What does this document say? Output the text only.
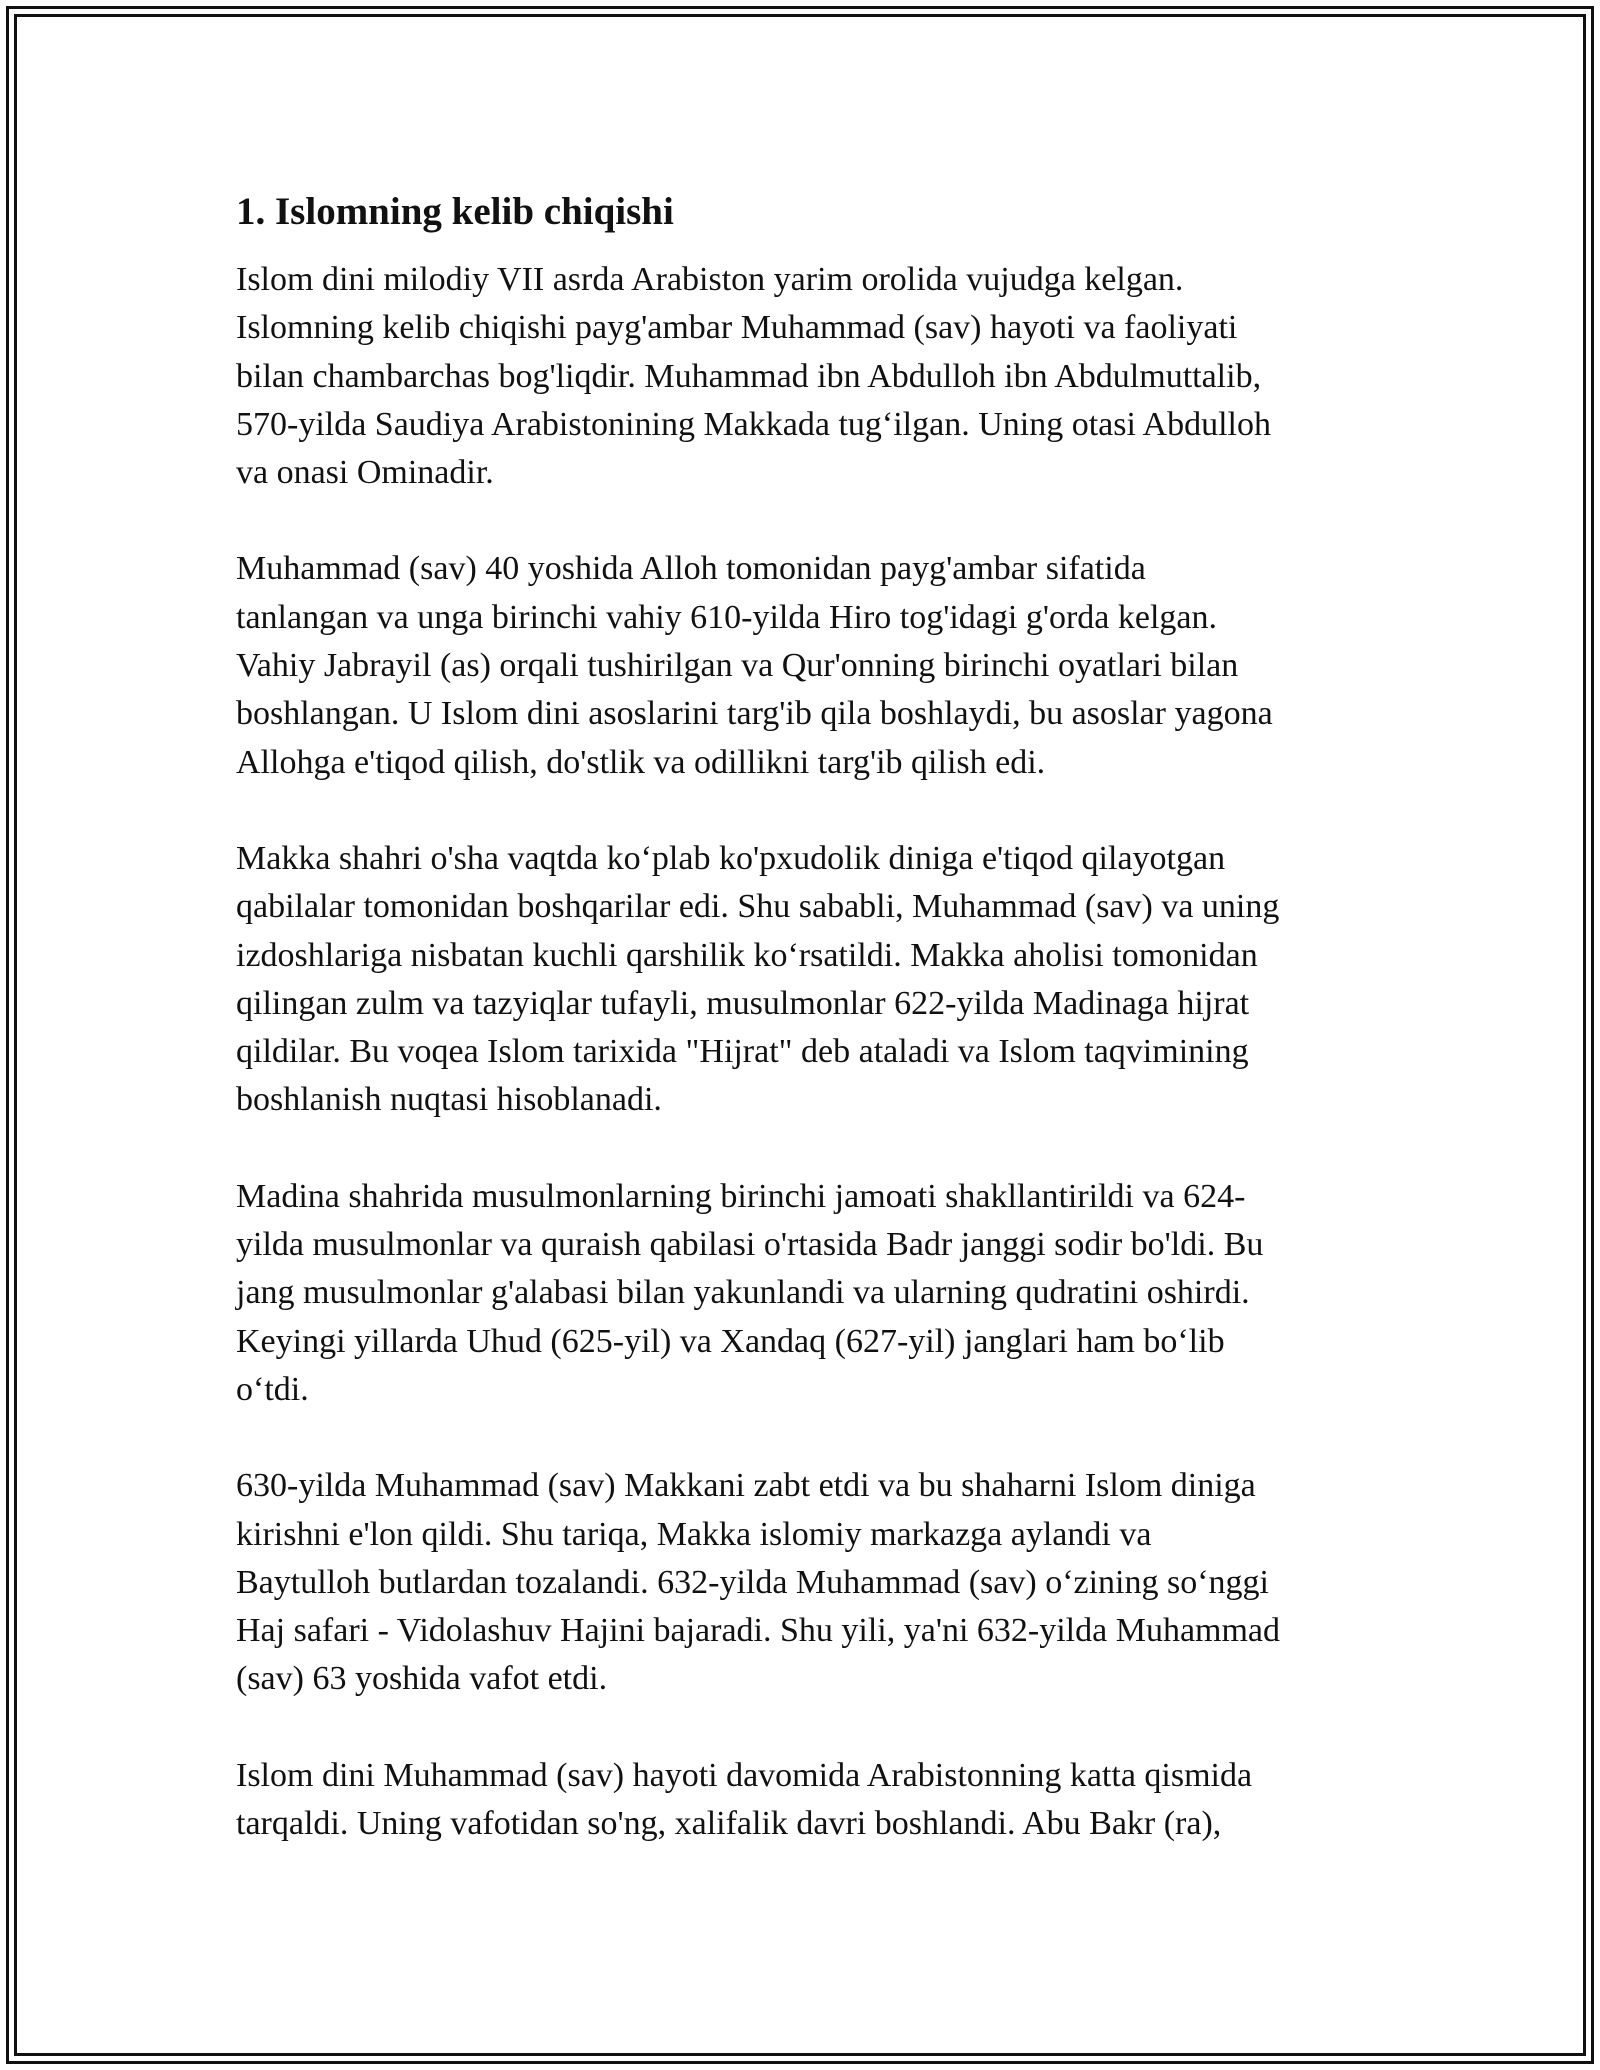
1. Islomning kelib chiqishi
Islom dini milodiy VII asrda Arabiston yarim orolida vujudga kelgan.
Islomning kelib chiqishi payg'ambar Muhammad (sav) hayoti va faoliyati
bilan chambarchas bog'liqdir. Muhammad ibn Abdulloh ibn Abdulmuttalib,
570-yilda Saudiya Arabistonining Makkada tug‘ilgan. Uning otasi Abdulloh
va onasi Ominadir.
Muhammad (sav) 40 yoshida Alloh tomonidan payg'ambar sifatida
tanlangan va unga birinchi vahiy 610-yilda Hiro tog'idagi g'orda kelgan.
Vahiy Jabrayil (as) orqali tushirilgan va Qur'onning birinchi oyatlari bilan
boshlangan. U Islom dini asoslarini targ'ib qila boshlaydi, bu asoslar yagona
Allohga e'tiqod qilish, do'stlik va odillikni targ'ib qilish edi.
Makka shahri o'sha vaqtda ko‘plab ko'pxudolik diniga e'tiqod qilayotgan
qabilalar tomonidan boshqarilar edi. Shu sababli, Muhammad (sav) va uning
izdoshlariga nisbatan kuchli qarshilik ko‘rsatildi. Makka aholisi tomonidan
qilingan zulm va tazyiqlar tufayli, musulmonlar 622-yilda Madinaga hijrat
qildilar. Bu voqea Islom tarixida "Hijrat" deb ataladi va Islom taqvimining
boshlanish nuqtasi hisoblanadi.
Madina shahrida musulmonlarning birinchi jamoati shakllantirildi va 624-
yilda musulmonlar va quraish qabilasi o'rtasida Badr janggi sodir bo'ldi. Bu
jang musulmonlar g'alabasi bilan yakunlandi va ularning qudratini oshirdi.
Keyingi yillarda Uhud (625-yil) va Xandaq (627-yil) janglari ham bo‘lib
o‘tdi.
630-yilda Muhammad (sav) Makkani zabt etdi va bu shaharni Islom diniga
kirishni e'lon qildi. Shu tariqa, Makka islomiy markazga aylandi va
Baytulloh butlardan tozalandi. 632-yilda Muhammad (sav) o‘zining so‘nggi
Haj safari - Vidolashuv Hajini bajaradi. Shu yili, ya'ni 632-yilda Muhammad
(sav) 63 yoshida vafot etdi.
Islom dini Muhammad (sav) hayoti davomida Arabistonning katta qismida
tarqaldi. Uning vafotidan so'ng, xalifalik davri boshlandi. Abu Bakr (ra),
